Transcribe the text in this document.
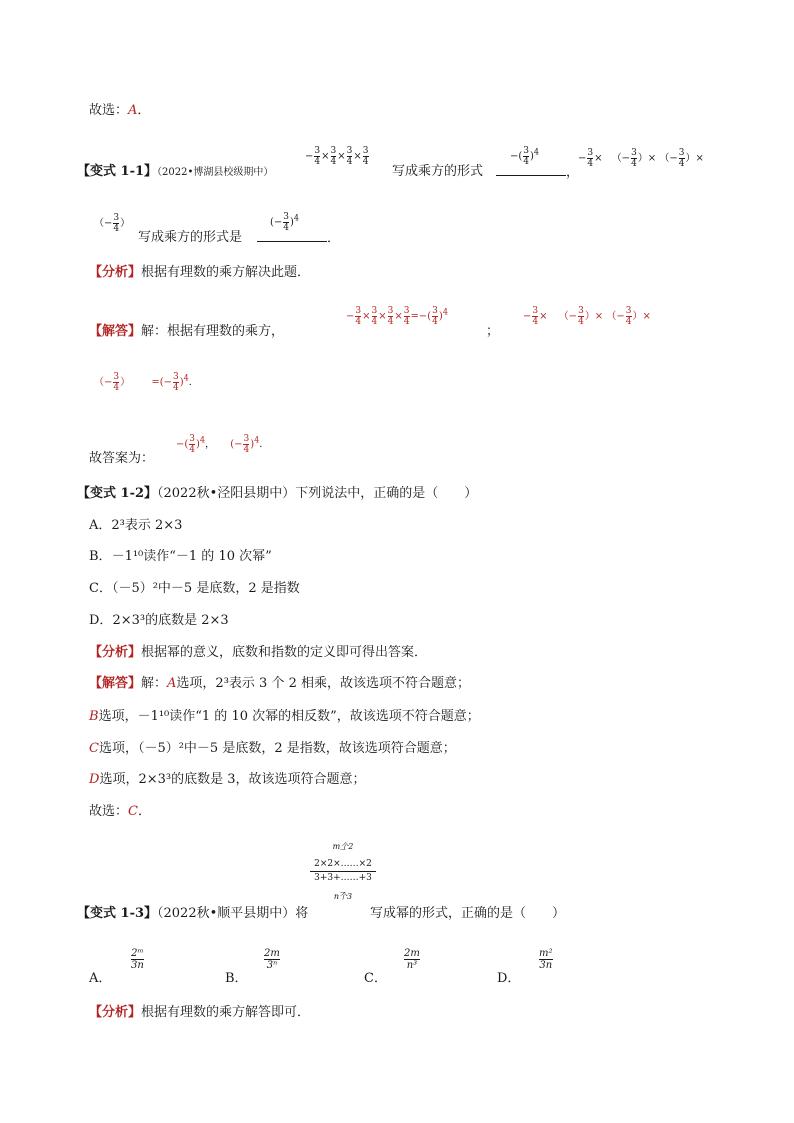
故选：A．
【变式 1-1】（2022•博湖县校级期中）
− $\frac{3}{4} \times \frac{3}{4} \times \frac{3}{4} \times \frac{3}{4}$
写成乘方的形式
−( $\frac{3}{4} )^4$
，
− $\frac{3}{4}$ × （− $\frac{3}{4}$ ）× （− $\frac{3}{4}$ ）×
（− $\frac{3}{4}$ ）
写成乘方的形式是
(− $\frac{3}{4} )^4$
．
【分析】根据有理数的乘方解决此题．
【解答】解：根据有理数的乘方，
− $\frac{3}{4} \times \frac{3}{4} \times \frac{3}{4} \times \frac{3}{4}$ =−( $\frac{3}{4} )^4$
；
− $\frac{3}{4}$ × （− $\frac{3}{4}$ ）× （− $\frac{3}{4}$ ）×
（− $\frac{3}{4}$ ） =(− $\frac{3}{4} )^4$．
故答案为：
−( $\frac{3}{4} )^4$， (− $\frac{3}{4} )^4$．
【变式 1-2】（2022秋•泾阳县期中）下列说法中，正确的是（　　）
A．2³表示 2×3
B．－1¹⁰读作“－1 的 10 次幂”
C．（－5）²中－5 是底数，2 是指数
D．2×3³的底数是 2×3
【分析】根据幂的意义，底数和指数的定义即可得出答案．
【解答】解：A选项，2³表示 3 个 2 相乘，故该选项不符合题意；
B选项，－1¹⁰读作“1 的 10 次幂的相反数”，故该选项不符合题意；
C选项，（－5）²中－5 是底数，2 是指数，故该选项符合题意；
D选项，2×3³的底数是 3，故该选项符合题意；
故选：C．
m个2
‾
2×2×……×2
3+3+……+3
_
n个3
【变式 1-3】（2022秋•顺平县期中）将	写成幂的形式，正确的是（　　）
A．
$\frac{\text{2ᵐ}}{3n}$
B．
$\frac{2m}{\text{3ⁿ}}$
C．
$\frac{2m}{\text{n³}}$
D．
$\frac{\text{m²}}{3n}$
【分析】根据有理数的乘方解答即可．
